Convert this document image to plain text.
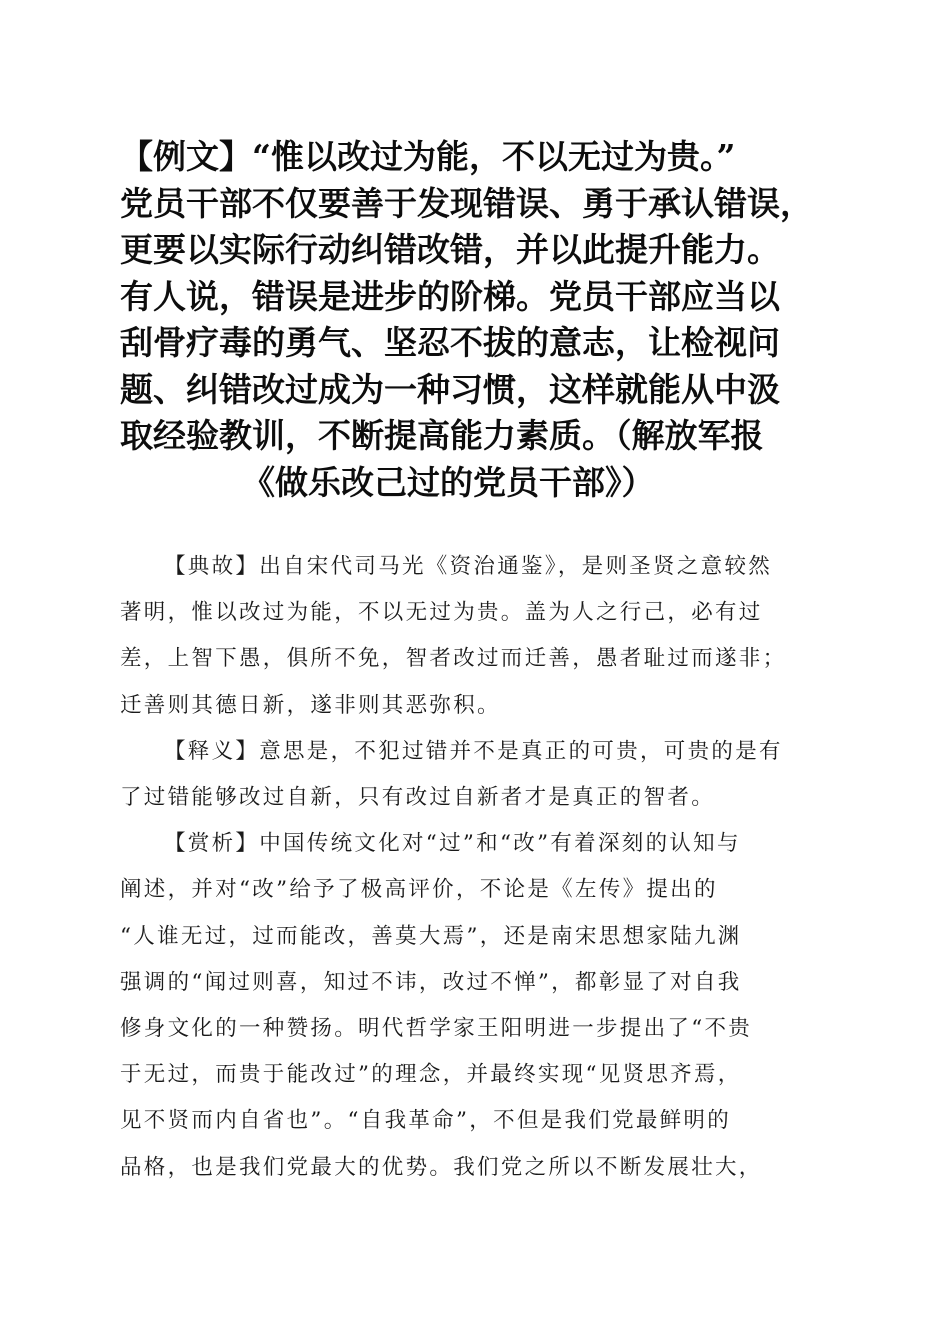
【例文】“惟以改过为能，不以无过为贵。”
党员干部不仅要善于发现错误、勇于承认错误，
更要以实际行动纠错改错，并以此提升能力。
有人说，错误是进步的阶梯。党员干部应当以
刮骨疗毒的勇气、坚忍不拔的意志，让检视问
题、纠错改过成为一种习惯，这样就能从中汲
取经验教训，不断提高能力素质。（解放军报
《做乐改己过的党员干部》）
【典故】出自宋代司马光《资治通鉴》，是则圣贤之意较然
著明，惟以改过为能，不以无过为贵。盖为人之行己，必有过
差，上智下愚，俱所不免，智者改过而迁善，愚者耻过而遂非；
迁善则其德日新，遂非则其恶弥积。
【释义】意思是，不犯过错并不是真正的可贵，可贵的是有
了过错能够改过自新，只有改过自新者才是真正的智者。
【赏析】中国传统文化对“过”和“改”有着深刻的认知与
阐述，并对“改”给予了极高评价，不论是《左传》提出的
“人谁无过，过而能改，善莫大焉”，还是南宋思想家陆九渊
强调的“闻过则喜，知过不讳，改过不惮”，都彰显了对自我
修身文化的一种赞扬。明代哲学家王阳明进一步提出了“不贵
于无过，而贵于能改过”的理念，并最终实现“见贤思齐焉，
见不贤而内自省也”。“自我革命”，不但是我们党最鲜明的
品格，也是我们党最大的优势。我们党之所以不断发展壮大，
